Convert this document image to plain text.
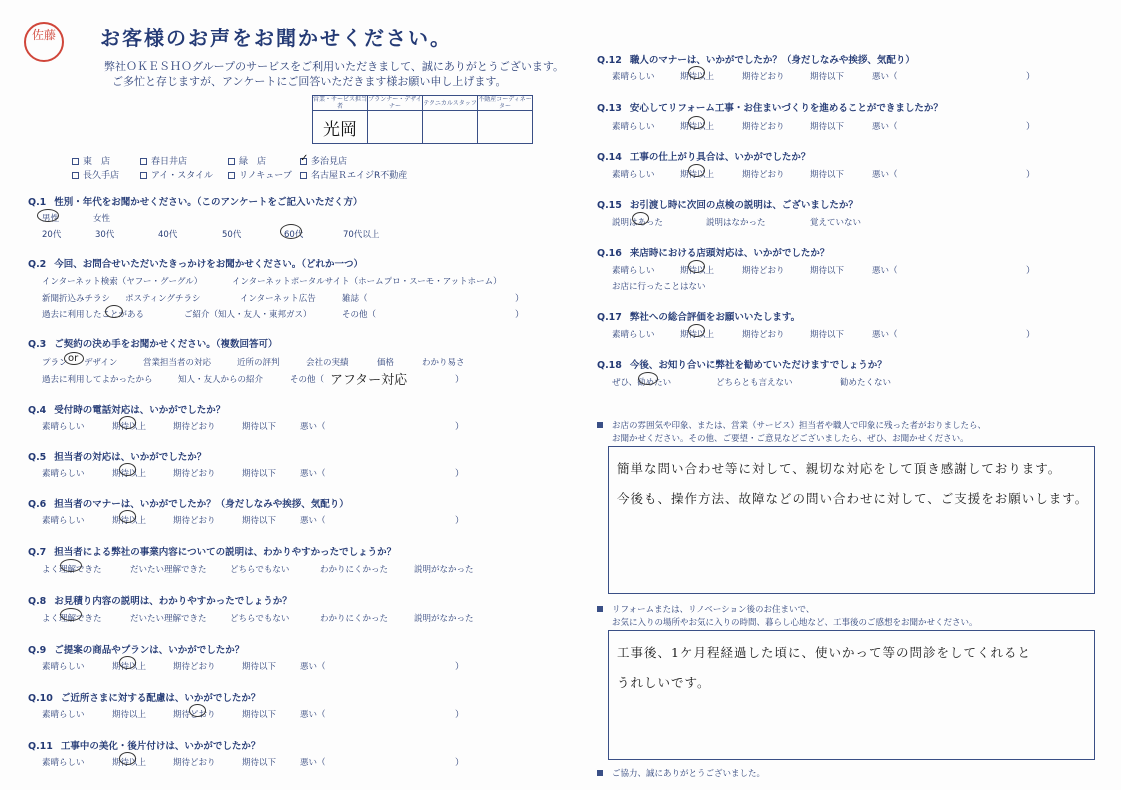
佐藤	お客様のお声をお聞かせください。
弊社ＯＫＥＳＨＯグループのサービスをご利用いただきまして、誠にありがとうございます。
ご多忙と存じますが、アンケートにご回答いただきます様お願い申し上げます。
営業・サービス担当者	プランナー・デザイナー	テクニカルスタッフ	不動産コーディネーター
光岡			
東　店	春日井店	緑　店 ✓	多治見店
長久手店	アイ・スタイル	リノキューブ	名古屋ＲエイジR不動産
Q.1 性別・年代をお聞かせください。（このアンケートをご記入いただく方）
男性	女性
20代	30代	40代	50代	60代	70代以上
Q.2 今回、お問合せいただいたきっかけをお聞かせください。（どれか一つ）
インターネット検索（ヤフー・グーグル）	インターネットポータルサイト（ホームプロ・スーモ・アットホーム）
新聞折込みチラシ ポスティングチラシ	インターネット広告	雑誌（	）
過去に利用したことがある	ご紹介（知人・友人・東邦ガス）	その他（	）
Q.3 ご契約の決め手をお聞かせください。（複数回答可）
プラン or デザイン	営業担当者の対応	近所の評判	会社の実績	価格	わかり易さ
過去に利用してよかったから	知人・友人からの紹介	その他（ アフター対応	）
Q.4 受付時の電話対応は、いかがでしたか？
素晴らしい	期待以上	期待どおり	期待以下	悪い（	）
Q.5 担当者の対応は、いかがでしたか？
素晴らしい	期待以上	期待どおり	期待以下	悪い（	）
Q.6 担当者のマナーは、いかがでしたか？（身だしなみや挨拶、気配り）
素晴らしい	期待以上	期待どおり	期待以下	悪い（	）
Q.7 担当者による弊社の事業内容についての説明は、わかりやすかったでしょうか？
よく理解できた	だいたい理解できた	どちらでもない	わかりにくかった	説明がなかった
Q.8 お見積り内容の説明は、わかりやすかったでしょうか？
よく理解できた	だいたい理解できた	どちらでもない	わかりにくかった	説明がなかった
Q.9 ご提案の商品やプランは、いかがでしたか？
素晴らしい	期待以上	期待どおり	期待以下	悪い（	）
Q.10 ご近所さまに対する配慮は、いかがでしたか？
素晴らしい	期待以上	期待どおり	期待以下	悪い（	）
Q.11 工事中の美化・後片付けは、いかがでしたか？
素晴らしい	期待以上	期待どおり	期待以下	悪い（	）
Q.12 職人のマナーは、いかがでしたか？（身だしなみや挨拶、気配り）
素晴らしい	期待以上	期待どおり	期待以下	悪い（	）
Q.13 安心してリフォーム工事・お住まいづくりを進めることができましたか？
素晴らしい	期待以上	期待どおり	期待以下	悪い（	）
Q.14 工事の仕上がり具合は、いかがでしたか？
素晴らしい	期待以上	期待どおり	期待以下	悪い（	）
Q.15 お引渡し時に次回の点検の説明は、ございましたか？
説明はあった	説明はなかった	覚えていない
Q.16 来店時における店頭対応は、いかがでしたか？
素晴らしい	期待以上	期待どおり	期待以下	悪い（	）
お店に行ったことはない
Q.17 弊社への総合評価をお願いいたします。
素晴らしい	期待以上	期待どおり	期待以下	悪い（	）
Q.18 今後、お知り合いに弊社を勧めていただけますでしょうか？
ぜひ、勧めたい	どちらとも言えない	勧めたくない
お店の雰囲気や印象、または、営業（サービス）担当者や職人で印象に残った者がおりましたら、
お聞かせください。その他、ご要望・ご意見などございましたら、ぜひ、お聞かせください。
簡単な問い合わせ等に対して、親切な対応をして頂き感謝しております。
今後も、操作方法、故障などの問い合わせに対して、ご支援をお願いします。
リフォームまたは、リノベーション後のお住まいで、
お気に入りの場所やお気に入りの時間、暮らし心地など、工事後のご感想をお聞かせください。
工事後、1ケ月程経過した頃に、使いかって等の問診をしてくれると
うれしいです。
ご協力、誠にありがとうございました。
